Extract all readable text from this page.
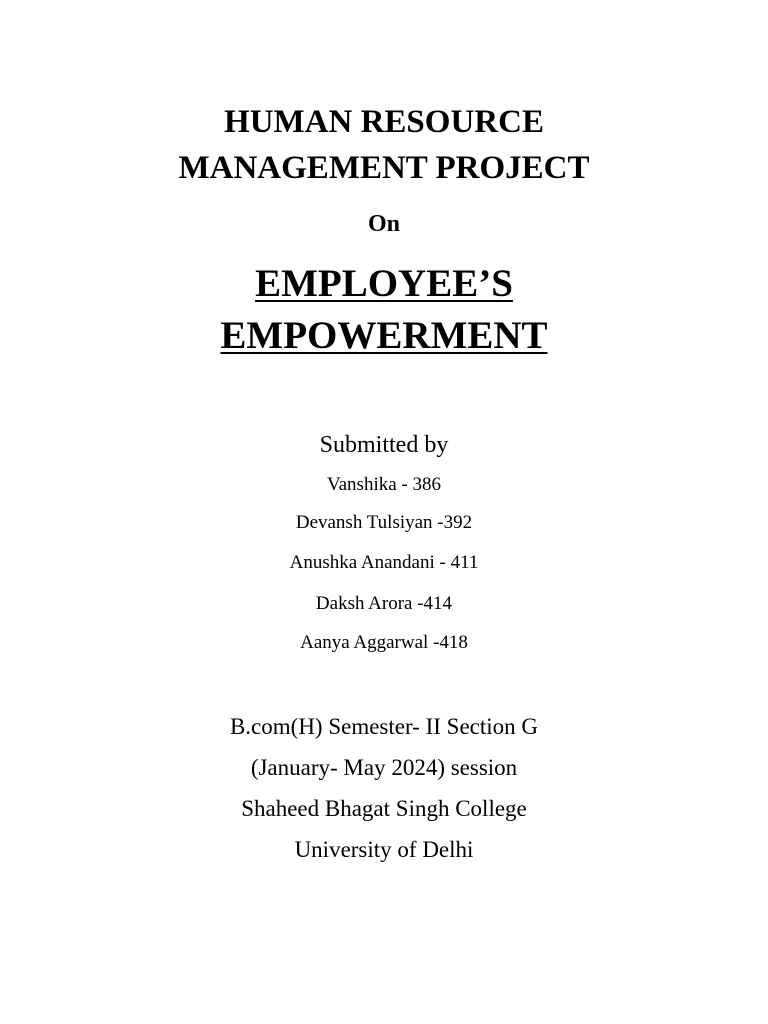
HUMAN RESOURCE
MANAGEMENT PROJECT
On
EMPLOYEE’S
EMPOWERMENT
Submitted by
Vanshika - 386
Devansh Tulsiyan -392
Anushka Anandani - 411
Daksh Arora -414
Aanya Aggarwal -418
B.com(H) Semester- II Section G
(January- May 2024) session
Shaheed Bhagat Singh College
University of Delhi
